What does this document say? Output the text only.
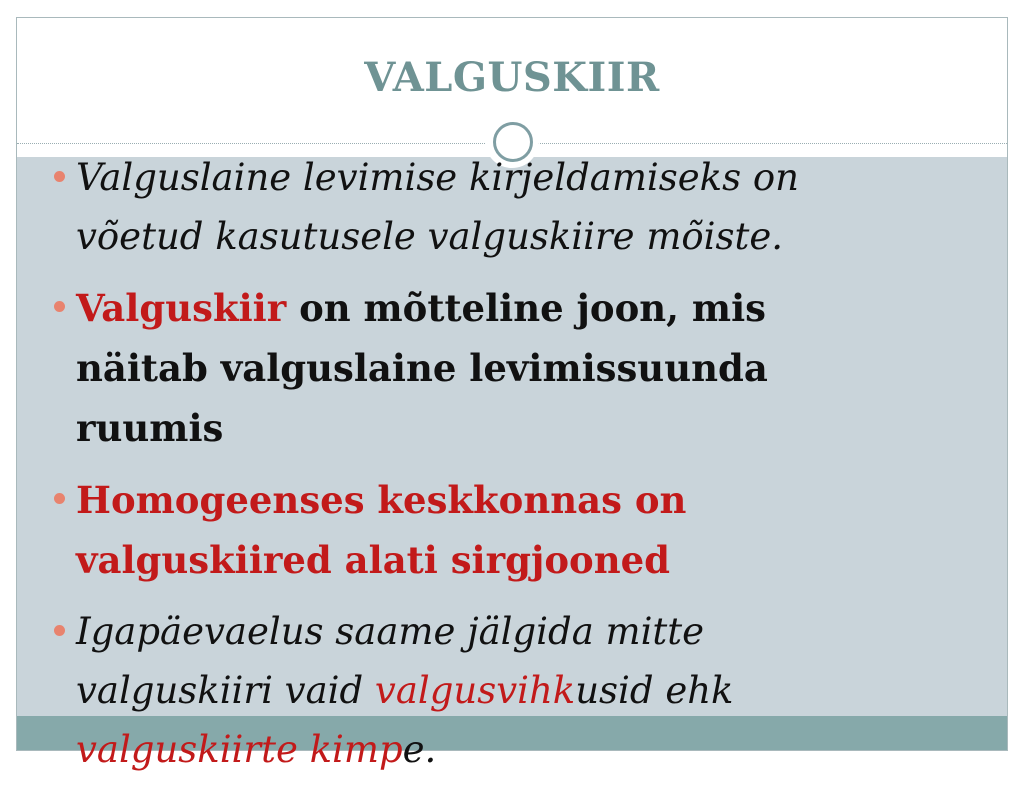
VALGUSKIIR
Valguslaine levimise kirjeldamiseks on võetud kasutusele valguskiire mõiste.
Valguskiir on mõtteline joon, mis näitab valguslaine levimissuunda ruumis
Homogeenses keskkonnas on valguskiired alati sirgjooned
Igapäevaelus saame jälgida mitte valguskiiri vaid valgusvihkusid ehk valguskiirte kimpe.
